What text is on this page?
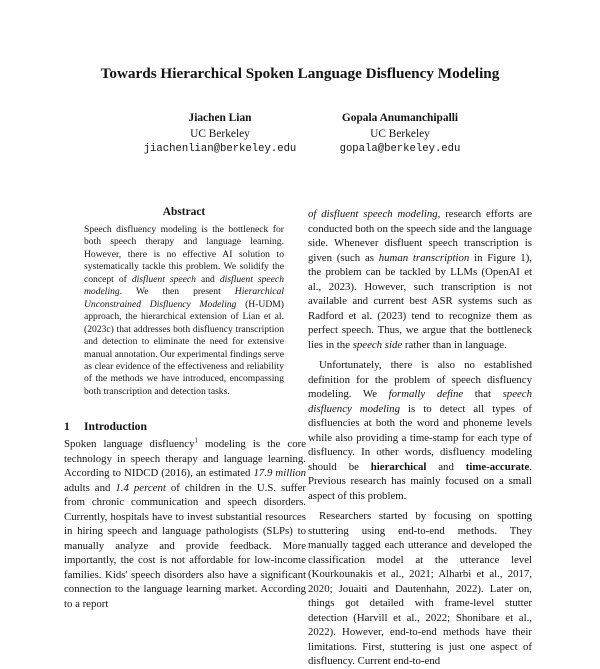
Towards Hierarchical Spoken Language Disfluency Modeling
Jiachen Lian
UC Berkeley
jiachenlian@berkeley.edu
Gopala Anumanchipalli
UC Berkeley
gopala@berkeley.edu
Abstract

Speech disfluency modeling is the bottleneck for both speech therapy and language learning. However, there is no effective AI solution to systematically tackle this problem. We solidify the concept of disfluent speech and disfluent speech modeling. We then present Hierarchical Unconstrained Disfluency Modeling (H-UDM) approach, the hierarchical extension of Lian et al. (2023c) that addresses both disfluency transcription and detection to eliminate the need for extensive manual annotation. Our experimental findings serve as clear evidence of the effectiveness and reliability of the methods we have introduced, encompassing both transcription and detection tasks.

1 Introduction

Spoken language disfluency$^1$ modeling is the core technology in speech therapy and language learning. According to NIDCD (2016), an estimated 17.9 million adults and 1.4 percent of children in the U.S. suffer from chronic communication and speech disorders. Currently, hospitals have to invest substantial resources in hiring speech and language pathologists (SLPs) to manually analyze and provide feedback. More importantly, the cost is not affordable for low-income families. Kids' speech disorders also have a significant connection to the language learning market. According to a report

of disfluent speech modeling, research efforts are conducted both on the speech side and the language side. Whenever disfluent speech transcription is given (such as human transcription in Figure 1), the problem can be tackled by LLMs (OpenAI et al., 2023). However, such transcription is not available and current best ASR systems such as Radford et al. (2023) tend to recognize them as perfect speech. Thus, we argue that the bottleneck lies in the speech side rather than in language.

Unfortunately, there is also no established definition for the problem of speech disfluency modeling. We formally define that speech disfluency modeling is to detect all types of disfluencies at both the word and phoneme levels while also providing a time-stamp for each type of disfluency. In other words, disfluency modeling should be hierarchical and time-accurate. Previous research has mainly focused on a small aspect of this problem.

Researchers started by focusing on spotting stuttering using end-to-end methods. They manually tagged each utterance and developed the classification model at the utterance level (Kourkounakis et al., 2021; Alharbi et al., 2017, 2020; Jouaiti and Dautenhahn, 2022). Later on, things got detailed with frame-level stutter detection (Harvill et al., 2022; Shonibare et al., 2022). However, end-to-end methods have their limitations. First, stuttering is just one aspect of disfluency. Current end-to-end
